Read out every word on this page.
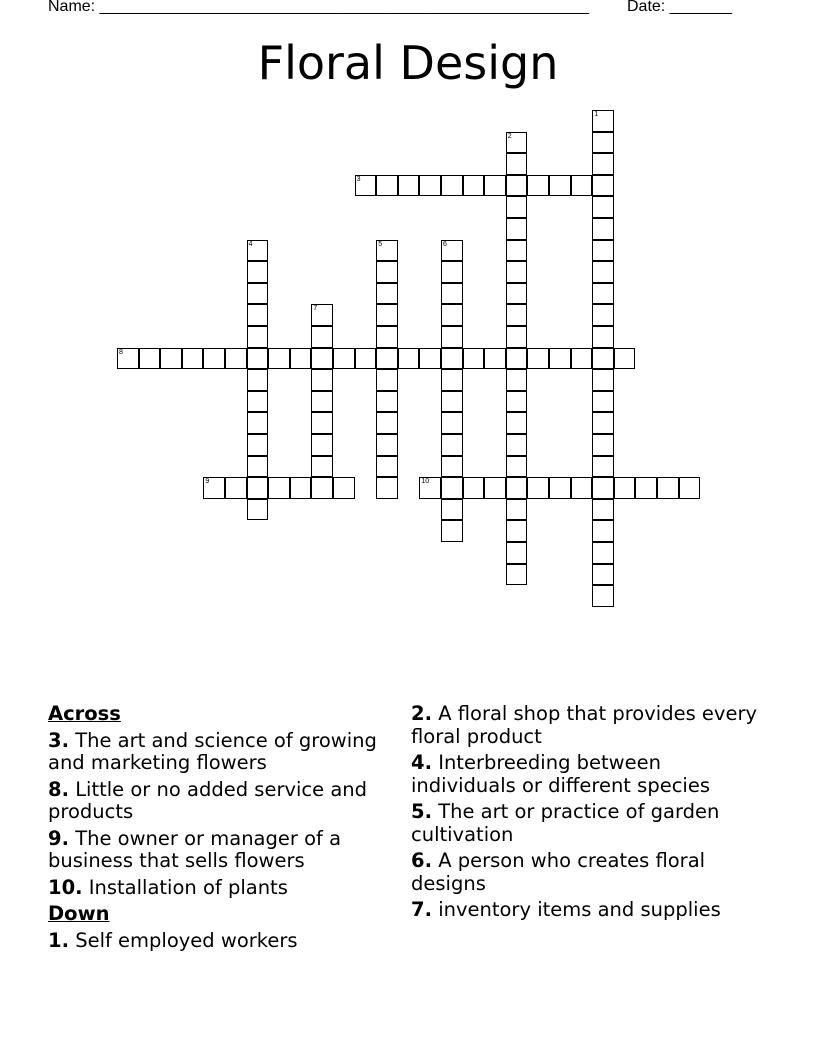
Name: _______________________________________________________ Date: _______
Floral Design
1
2
3
4	5	6
7
8
9	10
Across
3. The art and science of growing and marketing flowers
8. Little or no added service and products
9. The owner or manager of a business that sells flowers
10. Installation of plants
Down
1. Self employed workers
2. A floral shop that provides every floral product
4. Interbreeding between individuals or different species
5. The art or practice of garden cultivation
6. A person who creates floral designs
7. inventory items and supplies
